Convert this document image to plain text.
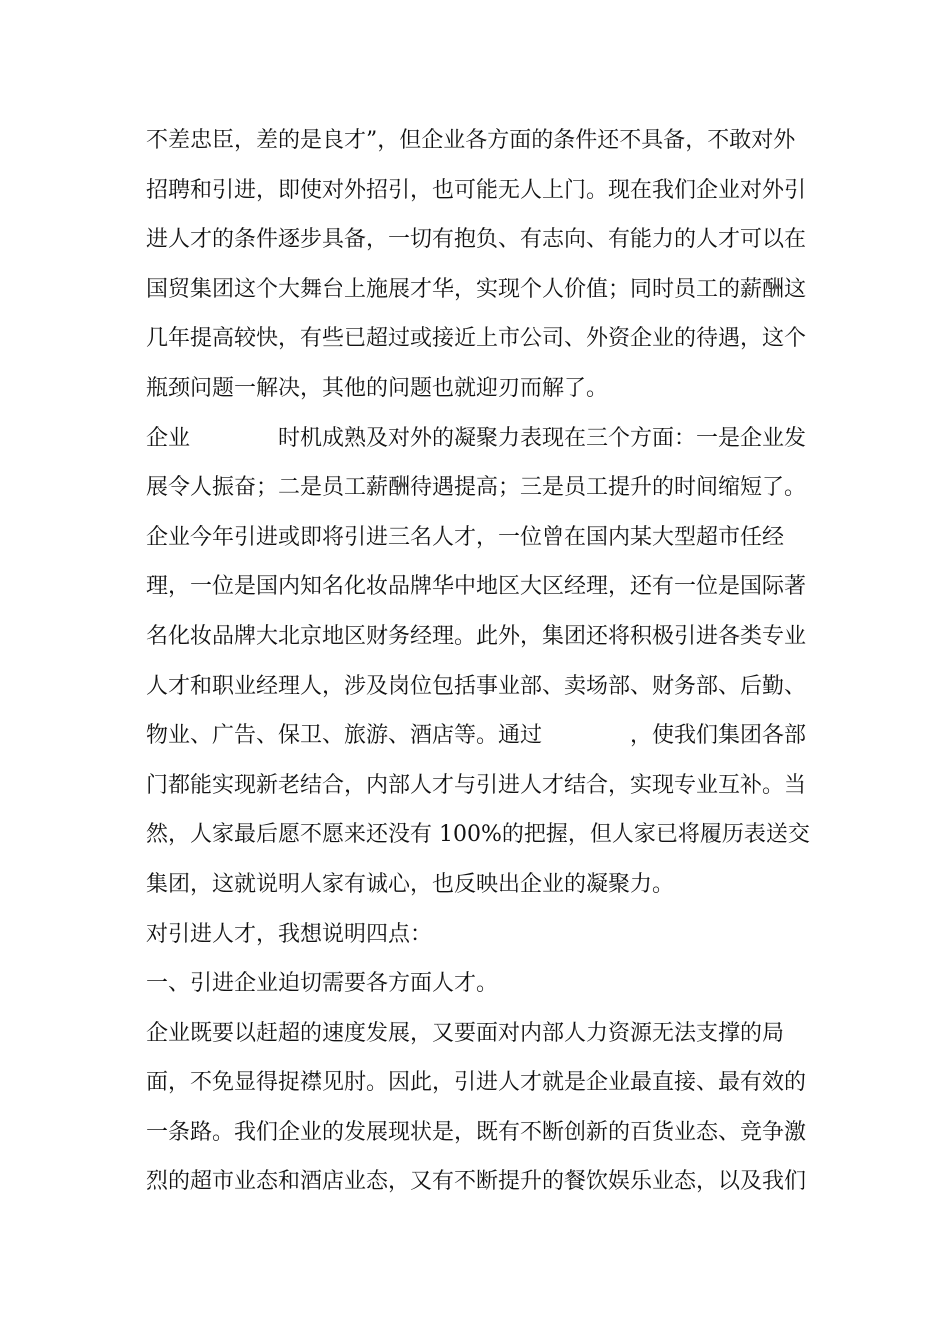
不差忠臣，差的是良才”，但企业各方面的条件还不具备，不敢对外
招聘和引进，即使对外招引，也可能无人上门。现在我们企业对外引
进人才的条件逐步具备，一切有抱负、有志向、有能力的人才可以在
国贸集团这个大舞台上施展才华，实现个人价值；同时员工的薪酬这
几年提高较快，有些已超过或接近上市公司、外资企业的待遇，这个
瓶颈问题一解决，其他的问题也就迎刃而解了。
企业	时机成熟及对外的凝聚力表现在三个方面：一是企业发
展令人振奋；二是员工薪酬待遇提高；三是员工提升的时间缩短了。
企业今年引进或即将引进三名人才，一位曾在国内某大型超市任经
理，一位是国内知名化妆品牌华中地区大区经理，还有一位是国际著
名化妆品牌大北京地区财务经理。此外，集团还将积极引进各类专业
人才和职业经理人，涉及岗位包括事业部、卖场部、财务部、后勤、
物业、广告、保卫、旅游、酒店等。通过	，使我们集团各部
门都能实现新老结合，内部人才与引进人才结合，实现专业互补。当
然，人家最后愿不愿来还没有 100%的把握，但人家已将履历表送交
集团，这就说明人家有诚心，也反映出企业的凝聚力。
对引进人才，我想说明四点：
一、引进企业迫切需要各方面人才。
企业既要以赶超的速度发展，又要面对内部人力资源无法支撑的局
面，不免显得捉襟见肘。因此，引进人才就是企业最直接、最有效的
一条路。我们企业的发展现状是，既有不断创新的百货业态、竞争激
烈的超市业态和酒店业态，又有不断提升的餐饮娱乐业态，以及我们
